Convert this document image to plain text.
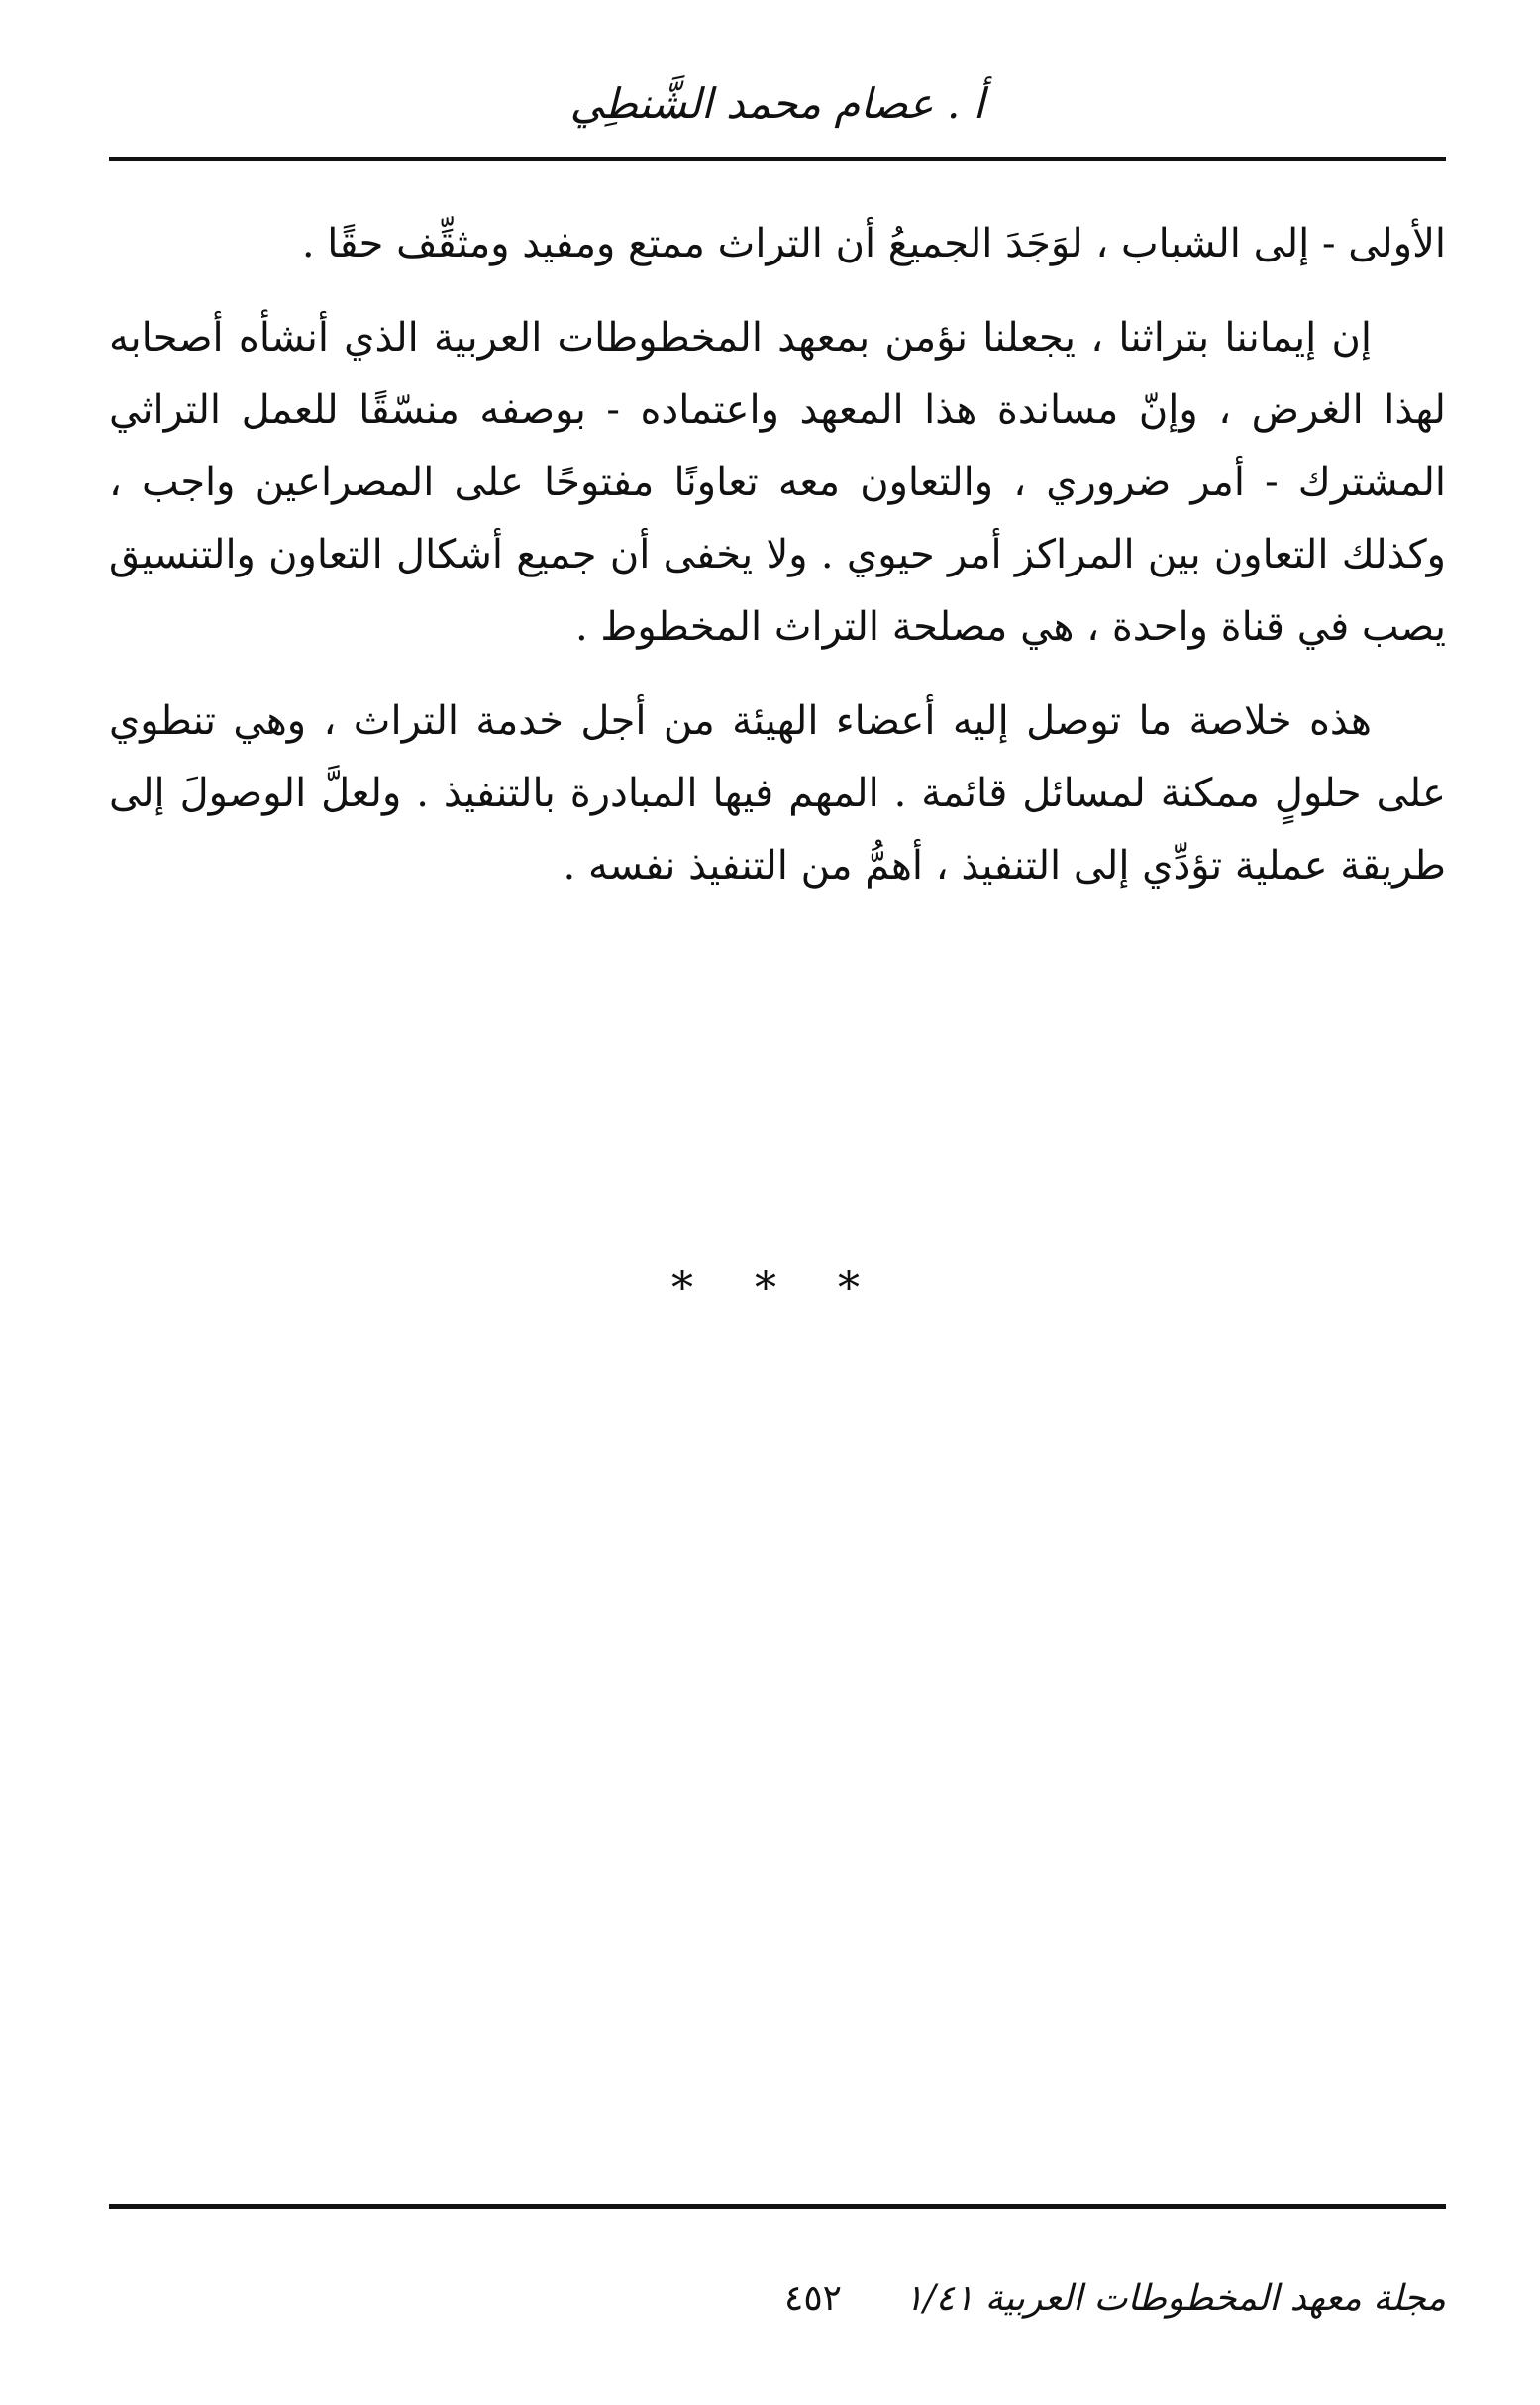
أ . عصام محمد الشَّنطِي

الأولى - إلى الشباب ، لوَجَدَ الجميعُ أن التراث ممتع ومفيد ومثقِّف حقًا .

إن إيماننا بتراثنا ، يجعلنا نؤمن بمعهد المخطوطات العربية الذي أنشأه أصحابه لهذا الغرض ، وإنّ مساندة هذا المعهد واعتماده - بوصفه منسّقًا للعمل التراثي المشترك - أمر ضروري ، والتعاون معه تعاونًا مفتوحًا على المصراعين واجب ، وكذلك التعاون بين المراكز أمر حيوي . ولا يخفى أن جميع أشكال التعاون والتنسيق يصب في قناة واحدة ، هي مصلحة التراث المخطوط .

هذه خلاصة ما توصل إليه أعضاء الهيئة من أجل خدمة التراث ، وهي تنطوي على حلولٍ ممكنة لمسائل قائمة . المهم فيها المبادرة بالتنفيذ . ولعلَّ الوصولَ إلى طريقة عملية تؤدِّي إلى التنفيذ ، أهمُّ من التنفيذ نفسه .

* * *
مجلة معهد المخطوطات العربية ١/٤١
٤٥٢
